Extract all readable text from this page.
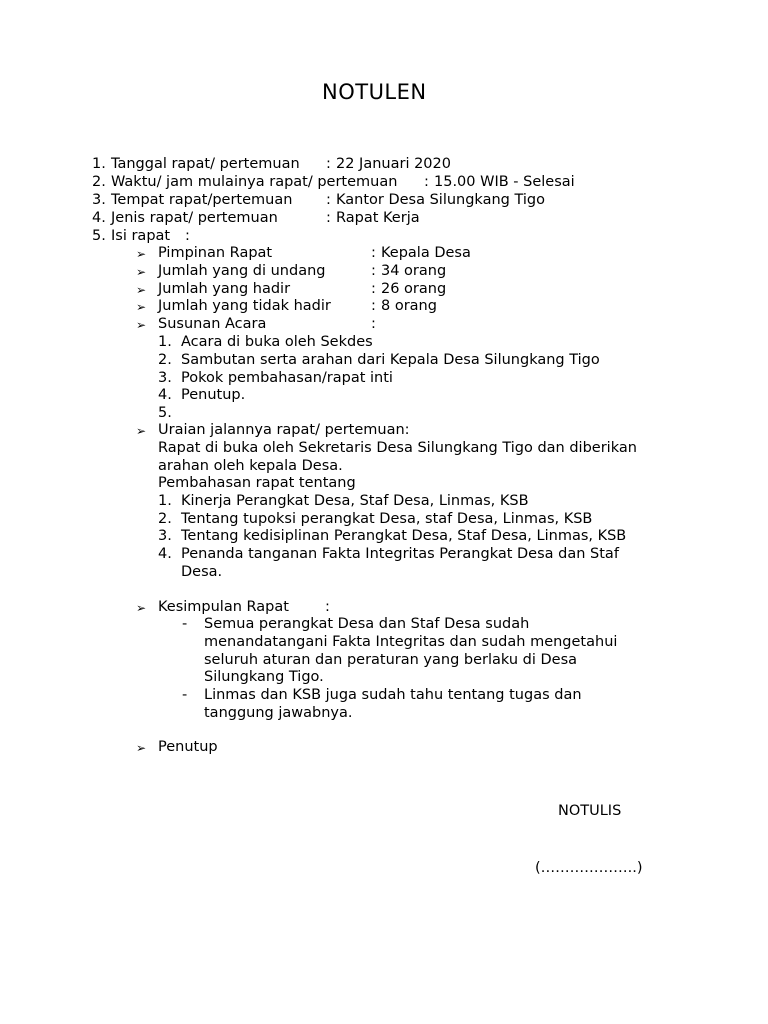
NOTULEN
1. Tanggal rapat/ pertemuan : 22 Januari 2020
2. Waktu/ jam mulainya rapat/ pertemuan : 15.00 WIB - Selesai
3. Tempat rapat/pertemuan : Kantor Desa Silungkang Tigo
4. Jenis rapat/ pertemuan	: Rapat Kerja
5. Isi rapat :
➢ Pimpinan Rapat	: Kepala Desa
➢ Jumlah yang di undang	: 34 orang
➢ Jumlah yang hadir	: 26 orang
➢ Jumlah yang tidak hadir	: 8 orang
➢ Susunan Acara	:
1. Acara di buka oleh Sekdes
2. Sambutan serta arahan dari Kepala Desa Silungkang Tigo
3. Pokok pembahasan/rapat inti
4. Penutup.
5.
➢ Uraian jalannya rapat/ pertemuan:
Rapat di buka oleh Sekretaris Desa Silungkang Tigo dan diberikan
arahan oleh kepala Desa.
Pembahasan rapat tentang
1. Kinerja Perangkat Desa, Staf Desa, Linmas, KSB
2. Tentang tupoksi perangkat Desa, staf Desa, Linmas, KSB
3. Tentang kedisiplinan Perangkat Desa, Staf Desa, Linmas, KSB
4. Penanda tanganan Fakta Integritas Perangkat Desa dan Staf
Desa.
➢ Kesimpulan Rapat :
- Semua perangkat Desa dan Staf Desa sudah
menandatangani Fakta Integritas dan sudah mengetahui
seluruh aturan dan peraturan yang berlaku di Desa
Silungkang Tigo.
- Linmas dan KSB juga sudah tahu tentang tugas dan
tanggung jawabnya.
➢ Penutup
NOTULIS
(………………..)
